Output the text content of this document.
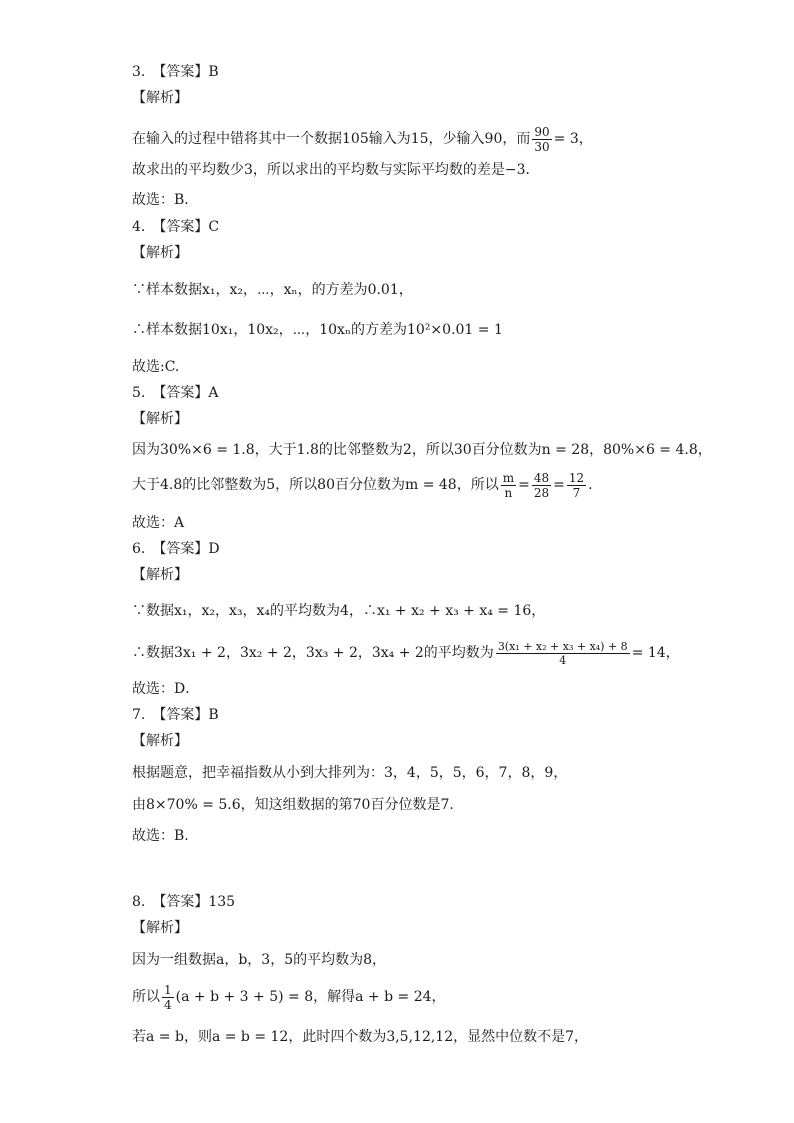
3.　【答案】B
【解析】
在输入的过程中错将其中一个数据105输入为15，少输入90，而 $\frac{90}{30} = 3$，
故求出的平均数少3，所以求出的平均数与实际平均数的差是−3．
故选：B．
4.　【答案】C
【解析】
∵样本数据x₁，x₂，⋯，xₙ，的方差为0.01，
∴样本数据10x₁，10x₂，⋯，10xₙ的方差为10²×0.01 = 1
故选:C.
5.　【答案】A
【解析】
因为30%×6 = 1.8，大于1.8的比邻整数为2，所以30百分位数为n = 28，80%×6 = 4.8，
大于4.8的比邻整数为5，所以80百分位数为m = 48，所以 $\frac{m}{n} = \frac{48}{28} = \frac{12}{7}$ .
故选：A
6.　【答案】D
【解析】
∵数据x₁，x₂，x₃，x₄的平均数为4，∴x₁ + x₂ + x₃ + x₄ = 16，
∴数据3x₁ + 2，3x₂ + 2，3x₃ + 2，3x₄ + 2的平均数为 $\frac{\text{3(x₁ + x₂ + x₃ + x₄) + 8}}{4} = 14$，
故选：D．
7.　【答案】B
【解析】
根据题意，把幸福指数从小到大排列为：3，4，5，5，6，7，8，9，
由8×70% = 5.6，知这组数据的第70百分位数是7.
故选：B.
8.　【答案】135
【解析】
因为一组数据a，b，3，5的平均数为8，
所以 $\frac{1}{4} (a + b + 3 + 5) = 8$，解得a + b = 24，
若a = b，则a = b = 12，此时四个数为3,5,12,12，显然中位数不是7，
